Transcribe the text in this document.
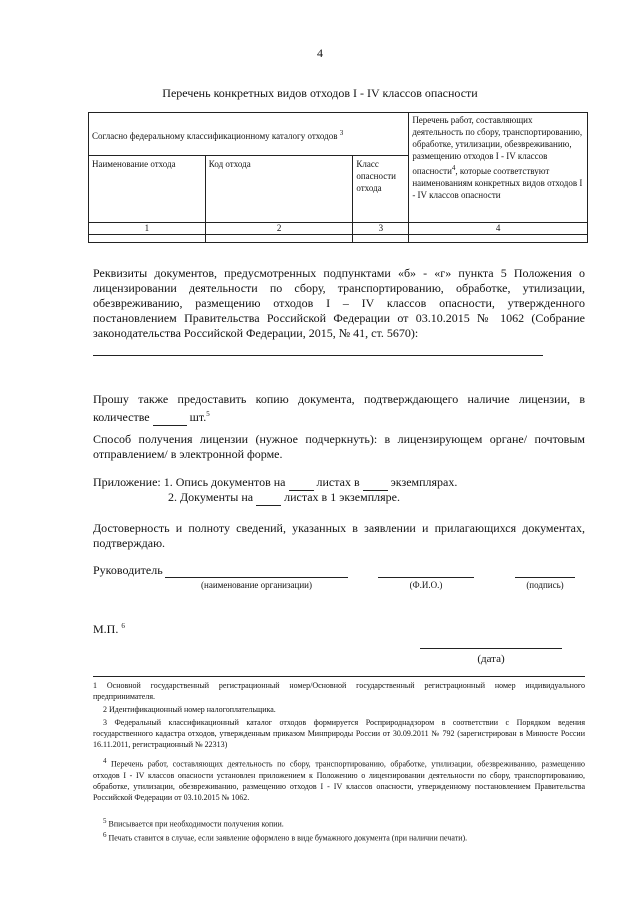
4
Перечень конкретных видов отходов I - IV классов опасности
Согласно федеральному классификационному каталогу отходов $^3$			Перечень работ, составляющих деятельность по сбору, транспортированию, обработке, утилизации, обезвреживанию, размещению отходов I - IV классов опасности$^4$, которые соответствуют наименованиям конкретных видов отходов I - IV классов опасности
Наименование отхода	Код отхода	Класс опасности отхода	
1	2	3	4

Реквизиты документов, предусмотренных подпунктами «б» - «г» пункта 5 Положения о лицензировании деятельности по сбору, транспортированию, обработке, утилизации, обезвреживанию, размещению отходов I – IV классов опасности, утвержденного постановлением Правительства Российской Федерации от 03.10.2015 № 1062 (Собрание законодательства Российской Федерации, 2015, № 41, ст. 5670):
Прошу также предоставить копию документа, подтверждающего наличие лицензии, в количестве	шт.$^5$
Способ получения лицензии (нужное подчеркнуть): в лицензирующем органе/ почтовым отправлением/ в электронной форме.
Приложение: 1. Опись документов на	листах в	экземплярах.
2. Документы на	листах в 1 экземпляре.
Достоверность и полноту сведений, указанных в заявлении и прилагающихся документах, подтверждаю.
Руководитель
(наименование организации)	(Ф.И.О.)	(подпись)
М.П. $^6$
(дата)
1 Основной государственный регистрационный номер/Основной государственный регистрационный номер индивидуального предпринимателя.
2 Идентификационный номер налогоплательщика.
3 Федеральный классификационный каталог отходов формируется Росприроднадзором в соответствии с Порядком ведения государственного кадастра отходов, утвержденным приказом Минприроды России от 30.09.2011 № 792 (зарегистрирован в Минюсте России 16.11.2011, регистрационный № 22313)
$^4$ Перечень работ, составляющих деятельность по сбору, транспортированию, обработке, утилизации, обезвреживанию, размещению отходов I - IV классов опасности установлен приложением к Положению о лицензировании деятельности по сбору, транспортированию, обработке, утилизации, обезвреживанию, размещению отходов I - IV классов опасности, утвержденному постановлением Правительства Российской Федерации от 03.10.2015 № 1062.
$^5$ Вписывается при необходимости получения копии.
$^6$ Печать ставится в случае, если заявление оформлено в виде бумажного документа (при наличии печати).
